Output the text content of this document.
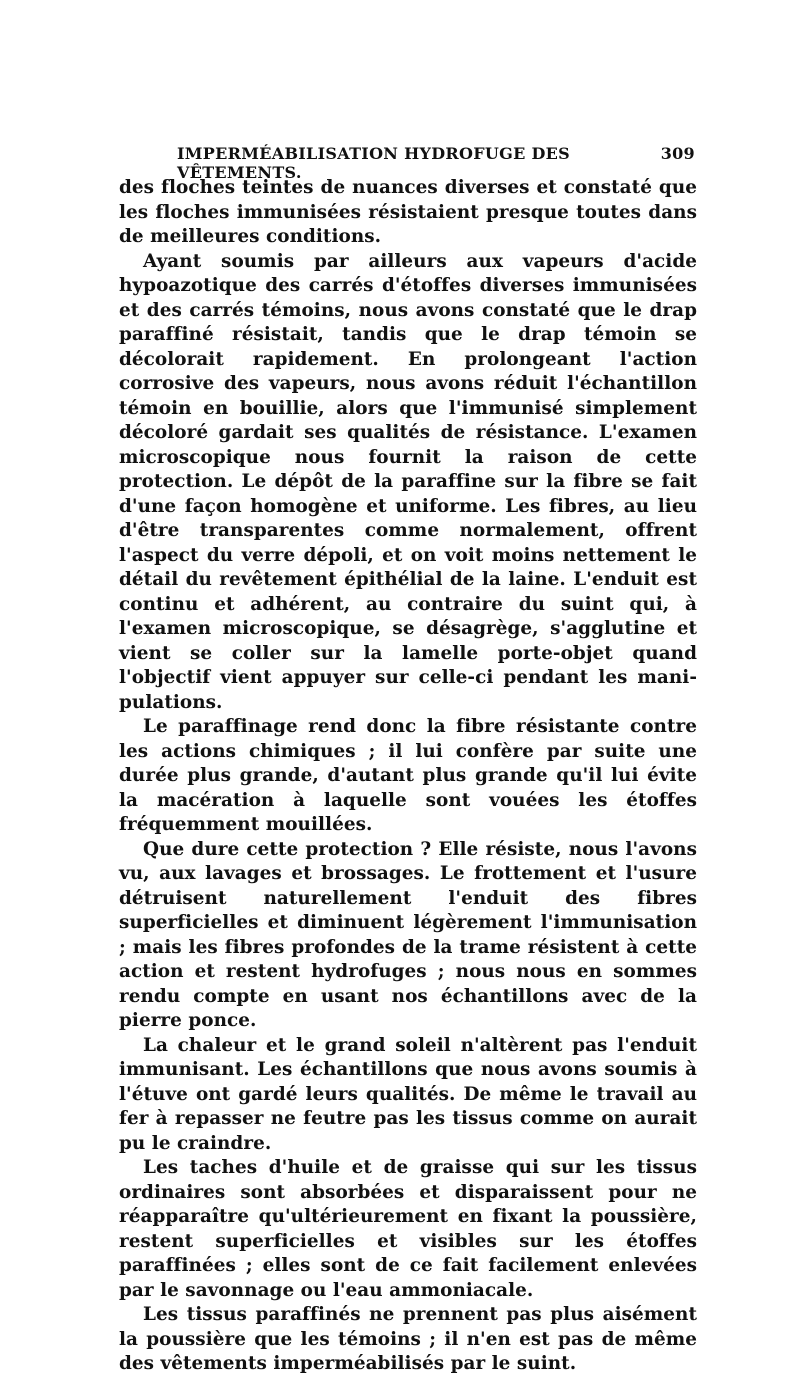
IMPERMÉABILISATION HYDROFUGE DES VÊTEMENTS.
309

des floches teintes de nuances diverses et constaté que les floches immunisées résistaient presque toutes dans de meilleures conditions.

Ayant soumis par ailleurs aux vapeurs d'acide hypoazotique des carrés d'étoffes diverses immunisées et des carrés témoins, nous avons constaté que le drap paraffiné résistait, tandis que le drap témoin se décolorait rapidement. En prolongeant l'action corrosive des vapeurs, nous avons réduit l'échantillon témoin en bouillie, alors que l'immunisé simplement décoloré gardait ses qualités de résistance. L'examen microscopique nous fournit la raison de cette protection. Le dépôt de la paraffine sur la fibre se fait d'une façon homogène et uniforme. Les fibres, au lieu d'être transparentes comme normalement, offrent l'aspect du verre dépoli, et on voit moins nettement le détail du revêtement épithélial de la laine. L'enduit est continu et adhérent, au contraire du suint qui, à l'examen microscopique, se désagrège, s'agglutine et vient se coller sur la lamelle porte-objet quand l'objectif vient appuyer sur celle-ci pendant les manipulations.

Le paraffinage rend donc la fibre résistante contre les actions chimiques ; il lui confère par suite une durée plus grande, d'autant plus grande qu'il lui évite la macération à laquelle sont vouées les étoffes fréquemment mouillées.

Que dure cette protection ? Elle résiste, nous l'avons vu, aux lavages et brossages. Le frottement et l'usure détruisent naturellement l'enduit des fibres superficielles et diminuent légèrement l'immunisation ; mais les fibres profondes de la trame résistent à cette action et restent hydrofuges ; nous nous en sommes rendu compte en usant nos échantillons avec de la pierre ponce.

La chaleur et le grand soleil n'altèrent pas l'enduit immunisant. Les échantillons que nous avons soumis à l'étuve ont gardé leurs qualités. De même le travail au fer à repasser ne feutre pas les tissus comme on aurait pu le craindre.

Les taches d'huile et de graisse qui sur les tissus ordinaires sont absorbées et disparaissent pour ne réapparaître qu'ultérieurement en fixant la poussière, restent superficielles et visibles sur les étoffes paraffinées ; elles sont de ce fait facilement enlevées par le savonnage ou l'eau ammoniacale.

Les tissus paraffinés ne prennent pas plus aisément la poussière que les témoins ; il n'en est pas de même des vêtements imperméabilisés par le suint.
